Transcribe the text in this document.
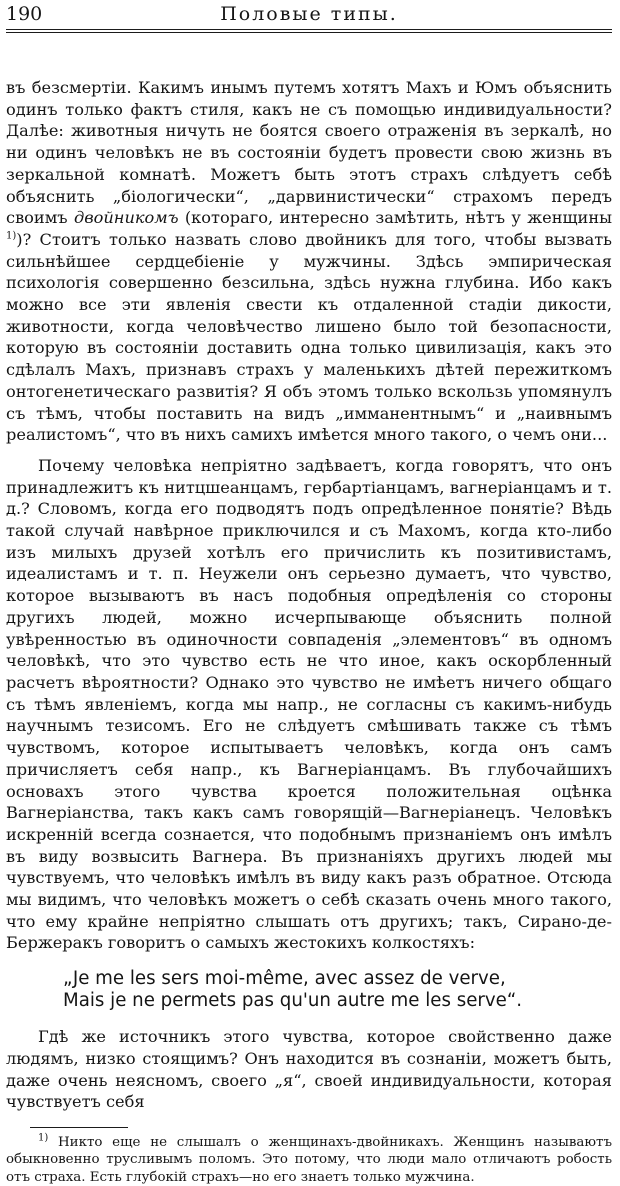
190	Половые типы.

въ безсмертіи. Какимъ инымъ путемъ хотятъ Махъ и Юмъ объяснить одинъ только фактъ стиля, какъ не съ помощью индивидуальности? Далѣе: животныя ничуть не боятся своего отраженія въ зеркалѣ, но ни одинъ человѣкъ не въ состояніи будетъ провести свою жизнь въ зеркальной комнатѣ. Можетъ быть этотъ страхъ слѣдуетъ себѣ объяснить „біологически“, „дарвинистически“ страхомъ передъ своимъ двойникомъ (котораго, интересно замѣтить, нѣтъ у женщины $^{1)}$)? Стоитъ только назвать слово двойникъ для того, чтобы вызвать сильнѣйшее сердцебіеніе у мужчины. Здѣсь эмпирическая психологія совершенно безсильна, здѣсь нужна глубина. Ибо какъ можно все эти явленія свести къ отдаленной стадіи дикости, животности, когда человѣчество лишено было той безопасности, которую въ состояніи доставить одна только цивилизація, какъ это сдѣлалъ Махъ, признавъ страхъ у маленькихъ дѣтей пережиткомъ онтогенетическаго развитія? Я объ этомъ только вскользь упомянулъ съ тѣмъ, чтобы поставить на видъ „имманентнымъ“ и „наивнымъ реалистомъ“, что въ нихъ самихъ имѣется много такого, о чемъ они...

Почему человѣка непріятно задѣваетъ, когда говорятъ, что онъ принадлежитъ къ нитцшеанцамъ, гербартіанцамъ, вагнеріанцамъ и т. д.? Словомъ, когда его подводятъ подъ опредѣленное понятіе? Вѣдь такой случай навѣрное приключился и съ Махомъ, когда кто-либо изъ милыхъ друзей хотѣлъ его причислить къ позитивистамъ, идеалистамъ и т. п. Неужели онъ серьезно думаетъ, что чувство, которое вызываютъ въ насъ подобныя опредѣленія со стороны другихъ людей, можно исчерпывающе объяснить полной увѣренностью въ одиночности совпаденія „элементовъ“ въ одномъ человѣкѣ, что это чувство есть не что иное, какъ оскорбленный расчетъ вѣроятности? Однако это чувство не имѣетъ ничего общаго съ тѣмъ явленіемъ, когда мы напр., не согласны съ какимъ-нибудь научнымъ тезисомъ. Его не слѣдуетъ смѣшивать также съ тѣмъ чувствомъ, которое испытываетъ человѣкъ, когда онъ самъ причисляетъ себя напр., къ Вагнеріанцамъ. Въ глубочайшихъ основахъ этого чувства кроется положительная оцѣнка Вагнеріанства, такъ какъ самъ говорящій—Вагнеріанецъ. Человѣкъ искренній всегда сознается, что подобнымъ признаніемъ онъ имѣлъ въ виду возвысить Вагнера. Въ признаніяхъ другихъ людей мы чувствуемъ, что человѣкъ имѣлъ въ виду какъ разъ обратное. Отсюда мы видимъ, что человѣкъ можетъ о себѣ сказать очень много такого, что ему крайне непріятно слышать отъ другихъ; такъ, Сирано-де-Бержеракъ говоритъ о самыхъ жестокихъ колкостяхъ:

„Je me les sers moi-même, avec assez de verve,
Mais je ne permets pas qu'un autre me les serve“.

Гдѣ же источникъ этого чувства, которое свойственно даже людямъ, низко стоящимъ? Онъ находится въ сознаніи, можетъ быть, даже очень неясномъ, своего „я“, своей индивидуальности, которая чувствуетъ себя

$^{1)}$ Никто еще не слышалъ о женщинахъ-двойникахъ. Женщинъ называютъ обыкновенно трусливымъ поломъ. Это потому, что люди мало отличаютъ робость отъ страха. Есть глубокій страхъ—но его знаетъ только мужчина.
